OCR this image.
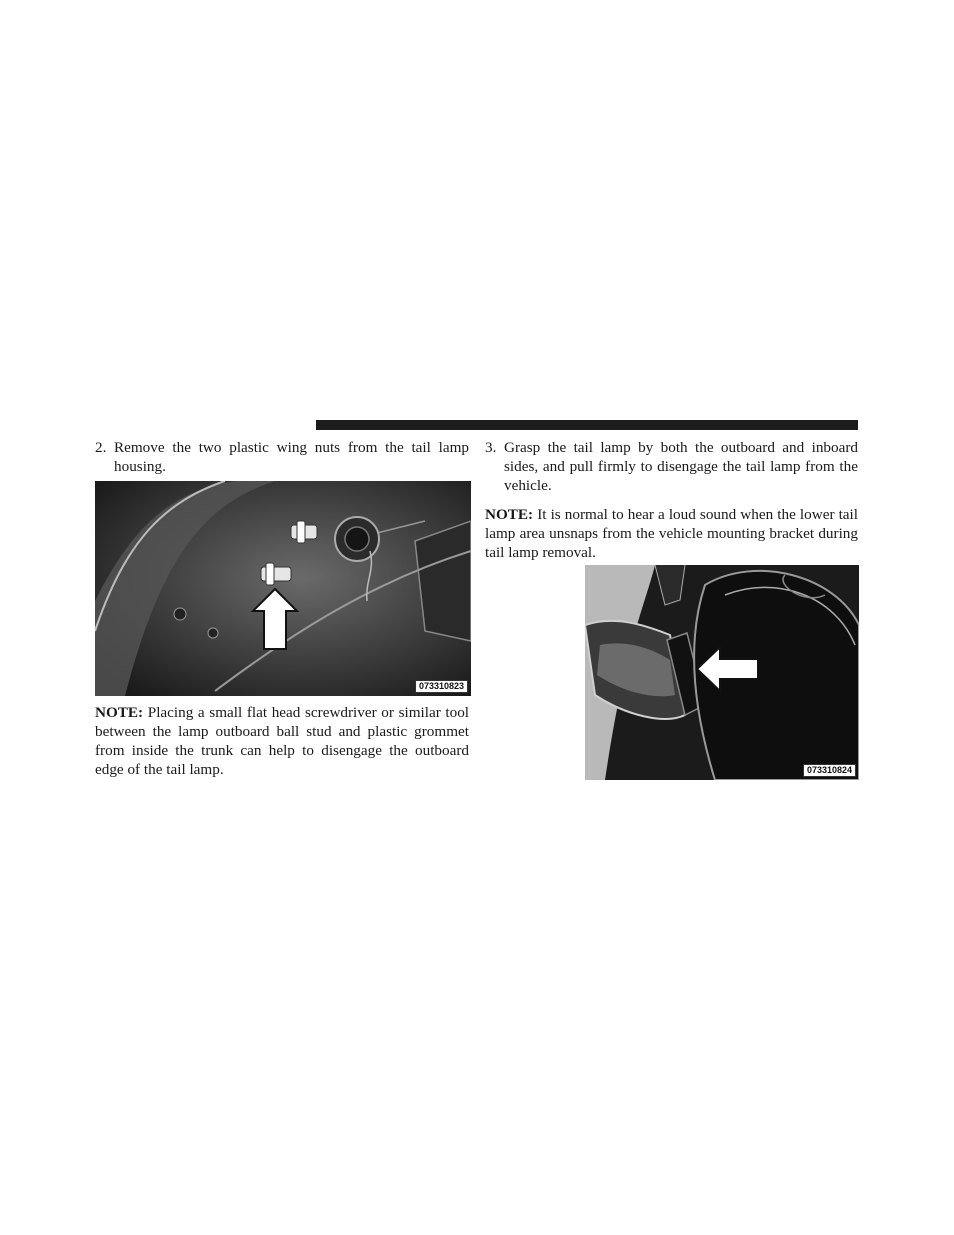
2. Remove the two plastic wing nuts from the tail lamp housing.
073310823
NOTE: Placing a small flat head screwdriver or similar tool between the lamp outboard ball stud and plastic grommet from inside the trunk can help to disengage the outboard edge of the tail lamp.
3. Grasp the tail lamp by both the outboard and inboard sides, and pull firmly to disengage the tail lamp from the vehicle.
NOTE: It is normal to hear a loud sound when the lower tail lamp area unsnaps from the vehicle mounting bracket during tail lamp removal.
073310824
